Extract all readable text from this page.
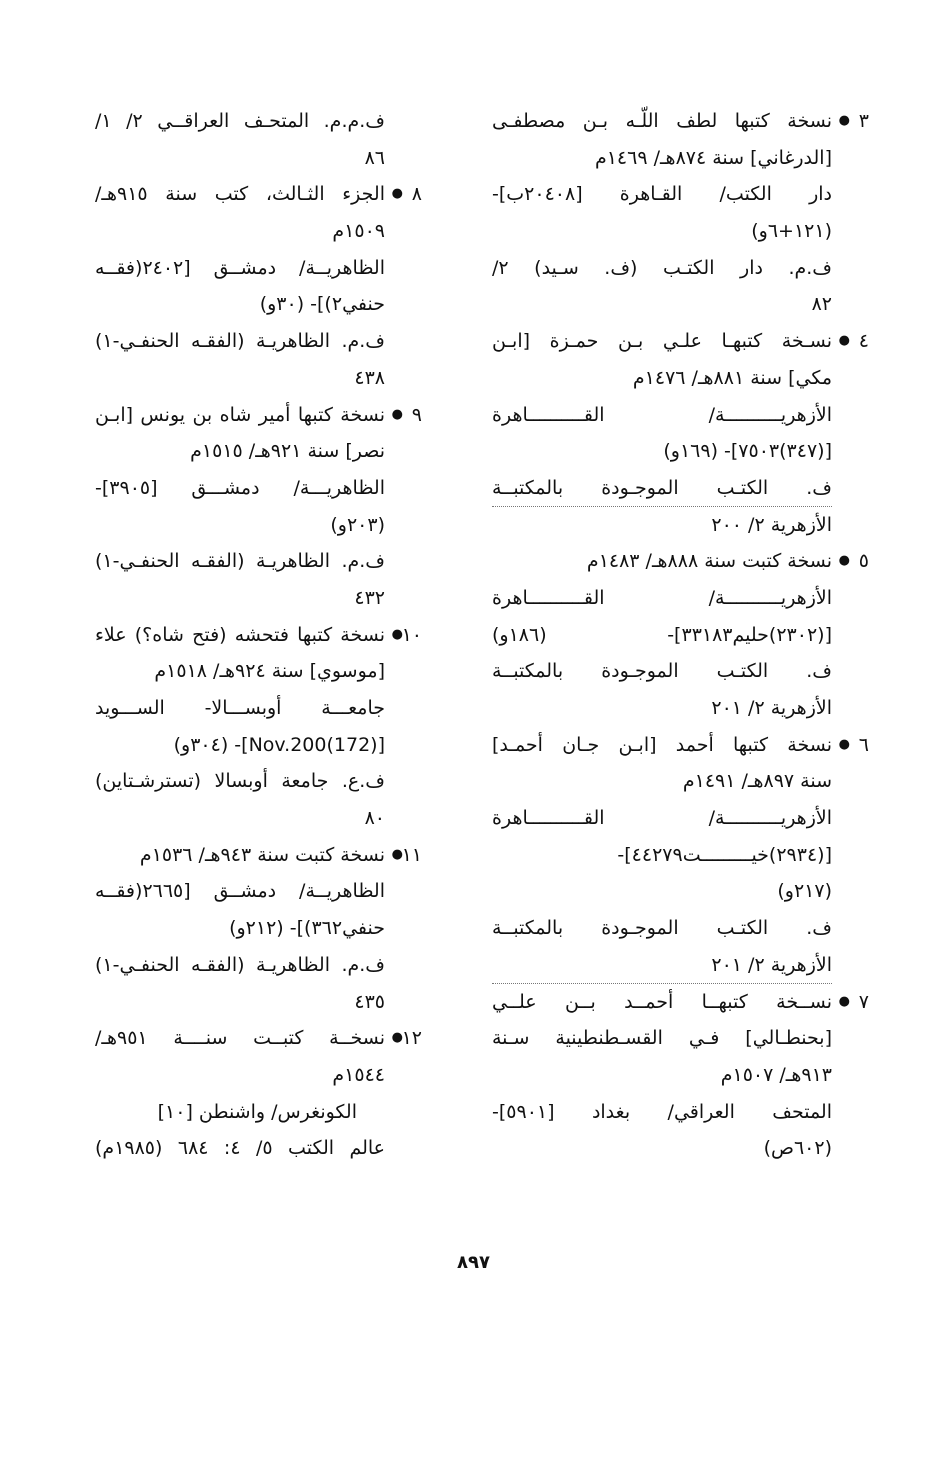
٣
●
نسخة كتبها لطف اللّـه بـن مصطفـى
[الدرغاني] سنة ٨٧٤هـ/ ١٤٦٩م
دار الكتب/ القـاهرة [٢٠٤٠٨ب]-
(١٢١+٦و)
ف.م. دار الكتـب (ف. سـيد) ٢/
٨٢
٤
●
نسـخة كتبهـا علـي بـن حمـزة [ابـن
مكي] سنة ٨٨١هـ/ ١٤٧٦م
الأزهريــــــــــة/ القــــــــــاهرة
[(٣٤٧)٧٥٠٣]- (١٦٩و)
ف. الكتـب الموجـودة بالمكتبــة
الأزهرية ٢/ ٢٠٠
٥
●
نسخة كتبت سنة ٨٨٨هـ/ ١٤٨٣م
الأزهريــــــــــة/ القــــــــــاهرة
[(٢٣٠٢)حليم٣٣١٨٣]- (١٨٦و)
ف. الكتـب الموجـودة بالمكتبــة
الأزهرية ٢/ ٢٠١
٦
●
نسخة كتبها أحمد [ابـن جـان أحمـد]
سنة ٨٩٧هـ/ ١٤٩١م
الأزهريــــــــــة/ القــــــــــاهرة
[(٢٩٣٤)خيـــــــــت٤٤٢٧٩]-
(٢١٧و)
ف. الكتـب الموجـودة بالمكتبــة
الأزهرية ٢/ ٢٠١
٧
●
نســخة كتبهــا أحمــد بــن علــي
[بحنطـالي] فـي القسـطنطينية سـنة
٩١٣هـ/ ١٥٠٧م
المتحف العراقي/ بغداد [٥٩٠١]-
(٦٠٢ص)
ف.م.م. المتحـف العراقــي ٢/ ١/
٨٦
٨
●
الجزء الثـالث، كتب سنة ٩١٥هـ/
١٥٠٩م
الظاهريــة/ دمشــق [٢٤٠٢(فقــه
حنفي٢)]- (٣٠و)
ف.م. الظاهريـة (الفقـه الحنفـي-١)
٤٣٨
٩
●
نسخة كتبها أمير شاه بن يونس [ابـن
نصر] سنة ٩٢١هـ/ ١٥١٥م
الظاهريـــة/ دمشـــق [٣٩٠٥]-
(٢٠٣و)
ف.م. الظاهريـة (الفقـه الحنفـي-١)
٤٣٢
١٠
●
نسخة كتبها فتحشه (فتح شاه؟) علاء
[موسوي] سنة ٩٢٤هـ/ ١٥١٨م
جامعـــة أوبســـالا- الســـويد
[(172)Nov.200]- (٣٠٤و)
ف.ع. جامعة أوبسالا (تسترشـتاين)
٨٠
١١
●
نسخة كتبت سنة ٩٤٣هـ/ ١٥٣٦م
الظاهريــة/ دمشــق [٢٦٦٥(فقــه
حنفي٣٦٢)]- (٢١٢و)
ف.م. الظاهريـة (الفقـه الحنفـي-١)
٤٣٥
١٢
●
نسخــة كتبــت سنــــة ٩٥١هـ/
١٥٤٤م
الكونغرس/ واشنطن [١٠]
عالم الكتب ٥/ ٤: ٦٨٤ (١٩٨٥م)
٨٩٧
